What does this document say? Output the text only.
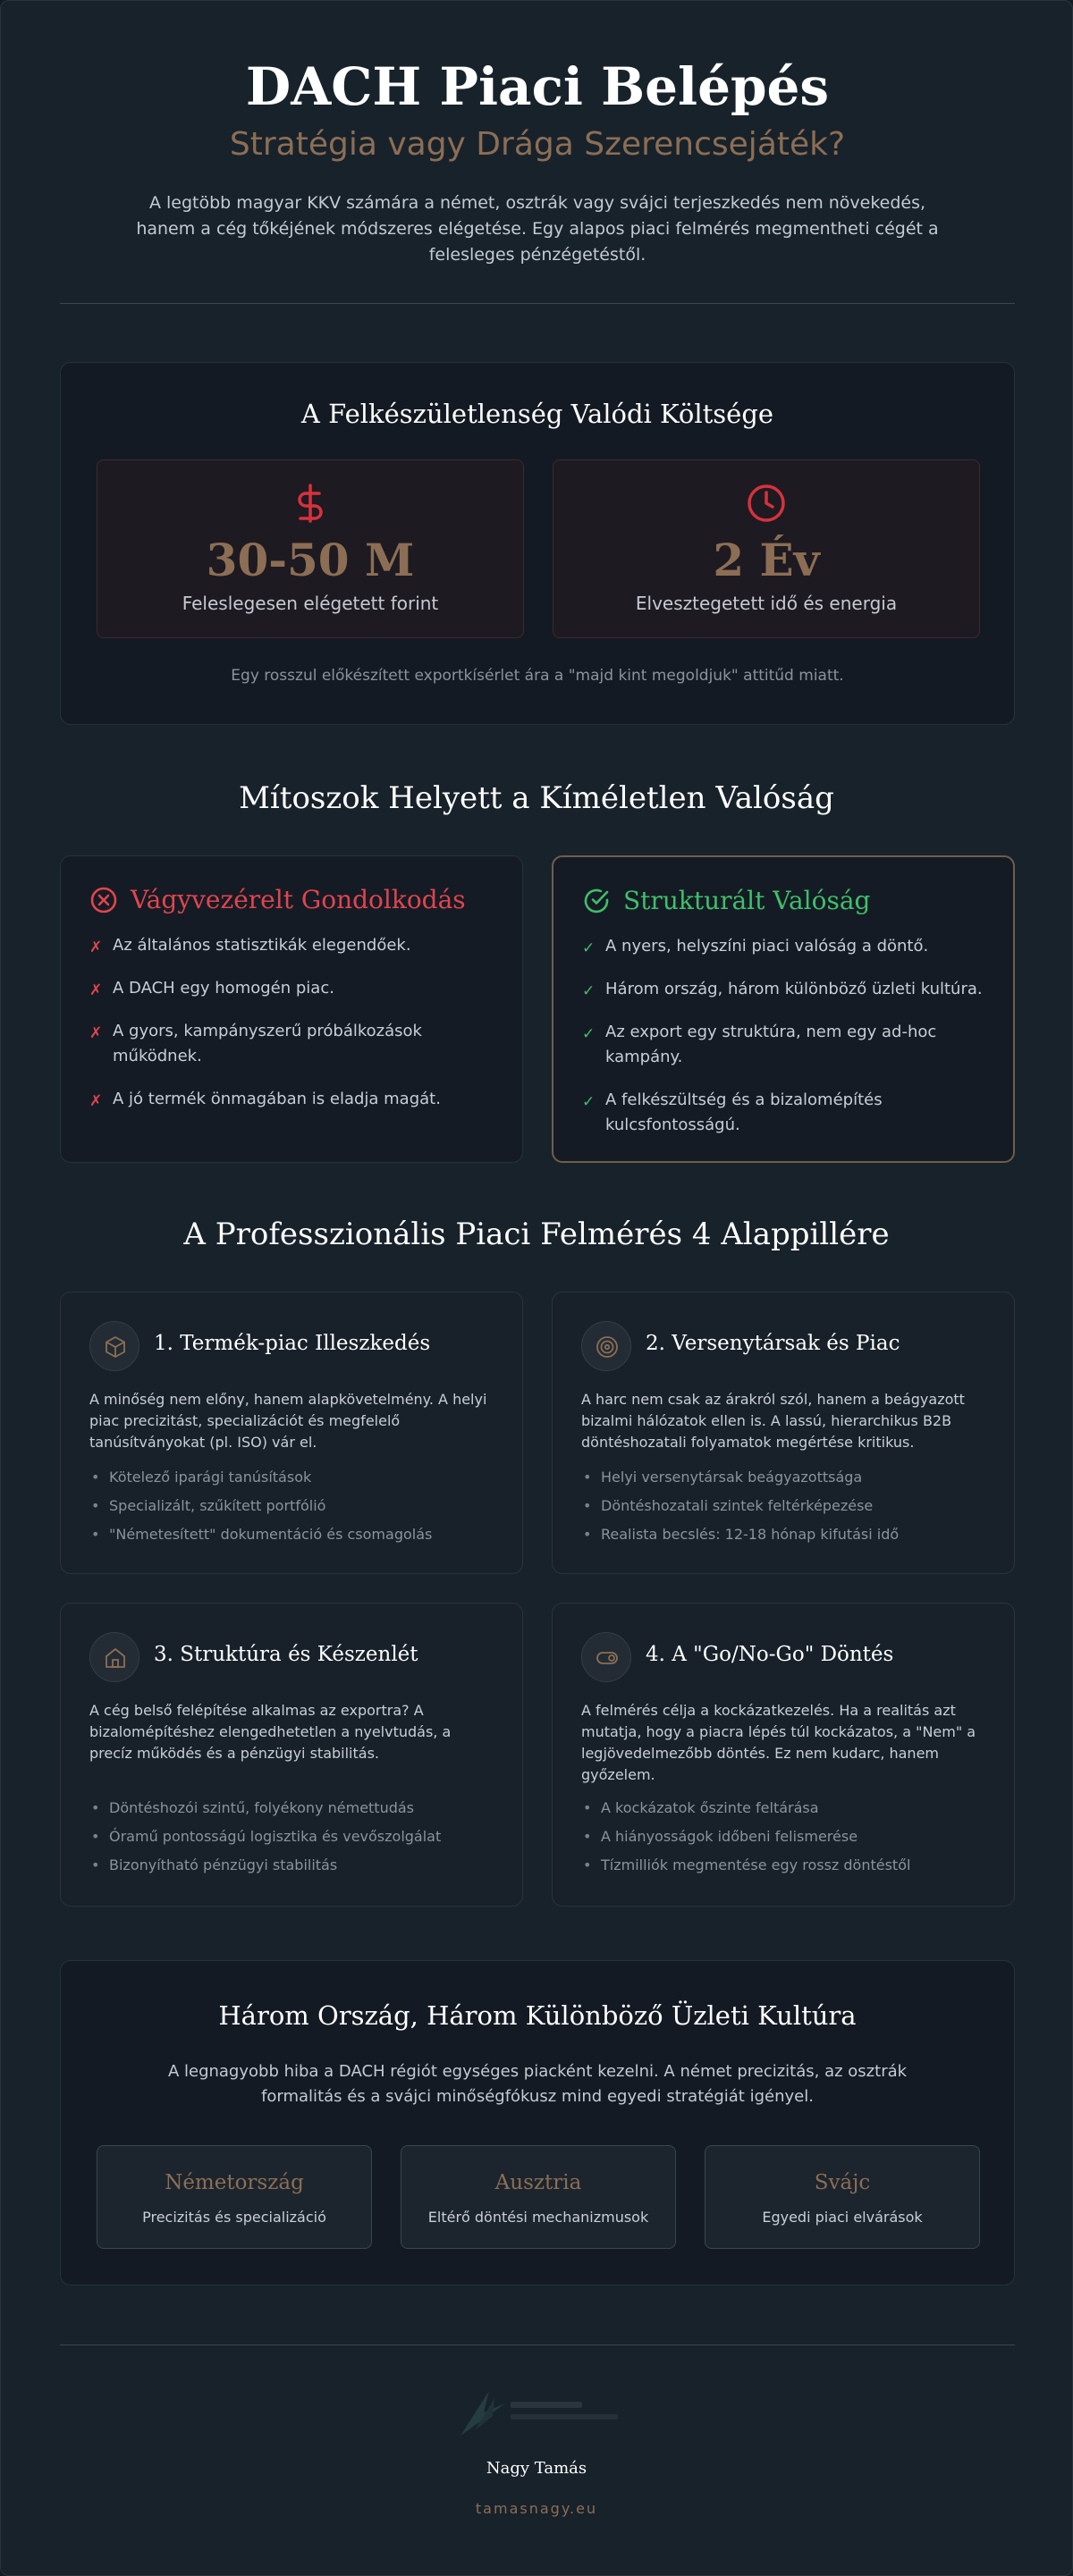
DACH Piaci Belépés
Stratégia vagy Drága Szerencsejáték?
A legtöbb magyar KKV számára a német, osztrák vagy svájci terjeszkedés nem növekedés, hanem a cég tőkéjének módszeres elégetése. Egy alapos piaci felmérés megmentheti cégét a felesleges pénzégetéstől.
A Felkészületlenség Valódi Költsége
30-50 M
Feleslegesen elégetett forint
2 Év
Elvesztegetett idő és energia
Egy rosszul előkészített exportkísérlet ára a "majd kint megoldjuk" attitűd miatt.
Mítoszok Helyett a Kíméletlen Valóság
Vágyvezérelt Gondolkodás
✗ Az általános statisztikák elegendőek.
✗ A DACH egy homogén piac.
✗ A gyors, kampányszerű próbálkozások működnek.
✗ A jó termék önmagában is eladja magát.
Strukturált Valóság
✓ A nyers, helyszíni piaci valóság a döntő.
✓ Három ország, három különböző üzleti kultúra.
✓ Az export egy struktúra, nem egy ad-hoc kampány.
✓ A felkészültség és a bizalomépítés kulcsfontosságú.
A Professzionális Piaci Felmérés 4 Alappillére
1. Termék-piac Illeszkedés
A minőség nem előny, hanem alapkövetelmény. A helyi piac precizitást, specializációt és megfelelő tanúsítványokat (pl. ISO) vár el.
• Kötelező iparági tanúsítások
• Specializált, szűkített portfólió
• "Németesített" dokumentáció és csomagolás
2. Versenytársak és Piac
A harc nem csak az árakról szól, hanem a beágyazott bizalmi hálózatok ellen is. A lassú, hierarchikus B2B döntéshozatali folyamatok megértése kritikus.
• Helyi versenytársak beágyazottsága
• Döntéshozatali szintek feltérképezése
• Realista becslés: 12-18 hónap kifutási idő
3. Struktúra és Készenlét
A cég belső felépítése alkalmas az exportra? A bizalomépítéshez elengedhetetlen a nyelvtudás, a precíz működés és a pénzügyi stabilitás.
• Döntéshozói szintű, folyékony némettudás
• Óramű pontosságú logisztika és vevőszolgálat
• Bizonyítható pénzügyi stabilitás
4. A "Go/No-Go" Döntés
A felmérés célja a kockázatkezelés. Ha a realitás azt mutatja, hogy a piacra lépés túl kockázatos, a "Nem" a legjövedelmezőbb döntés. Ez nem kudarc, hanem győzelem.
• A kockázatok őszinte feltárása
• A hiányosságok időbeni felismerése
• Tízmilliók megmentése egy rossz döntéstől
Három Ország, Három Különböző Üzleti Kultúra
A legnagyobb hiba a DACH régiót egységes piacként kezelni. A német precizitás, az osztrák formalitás és a svájci minőségfókusz mind egyedi stratégiát igényel.
Németország
Precizitás és specializáció
Ausztria
Eltérő döntési mechanizmusok
Svájc
Egyedi piaci elvárások
Nagy Tamás
tamasnagy.eu
